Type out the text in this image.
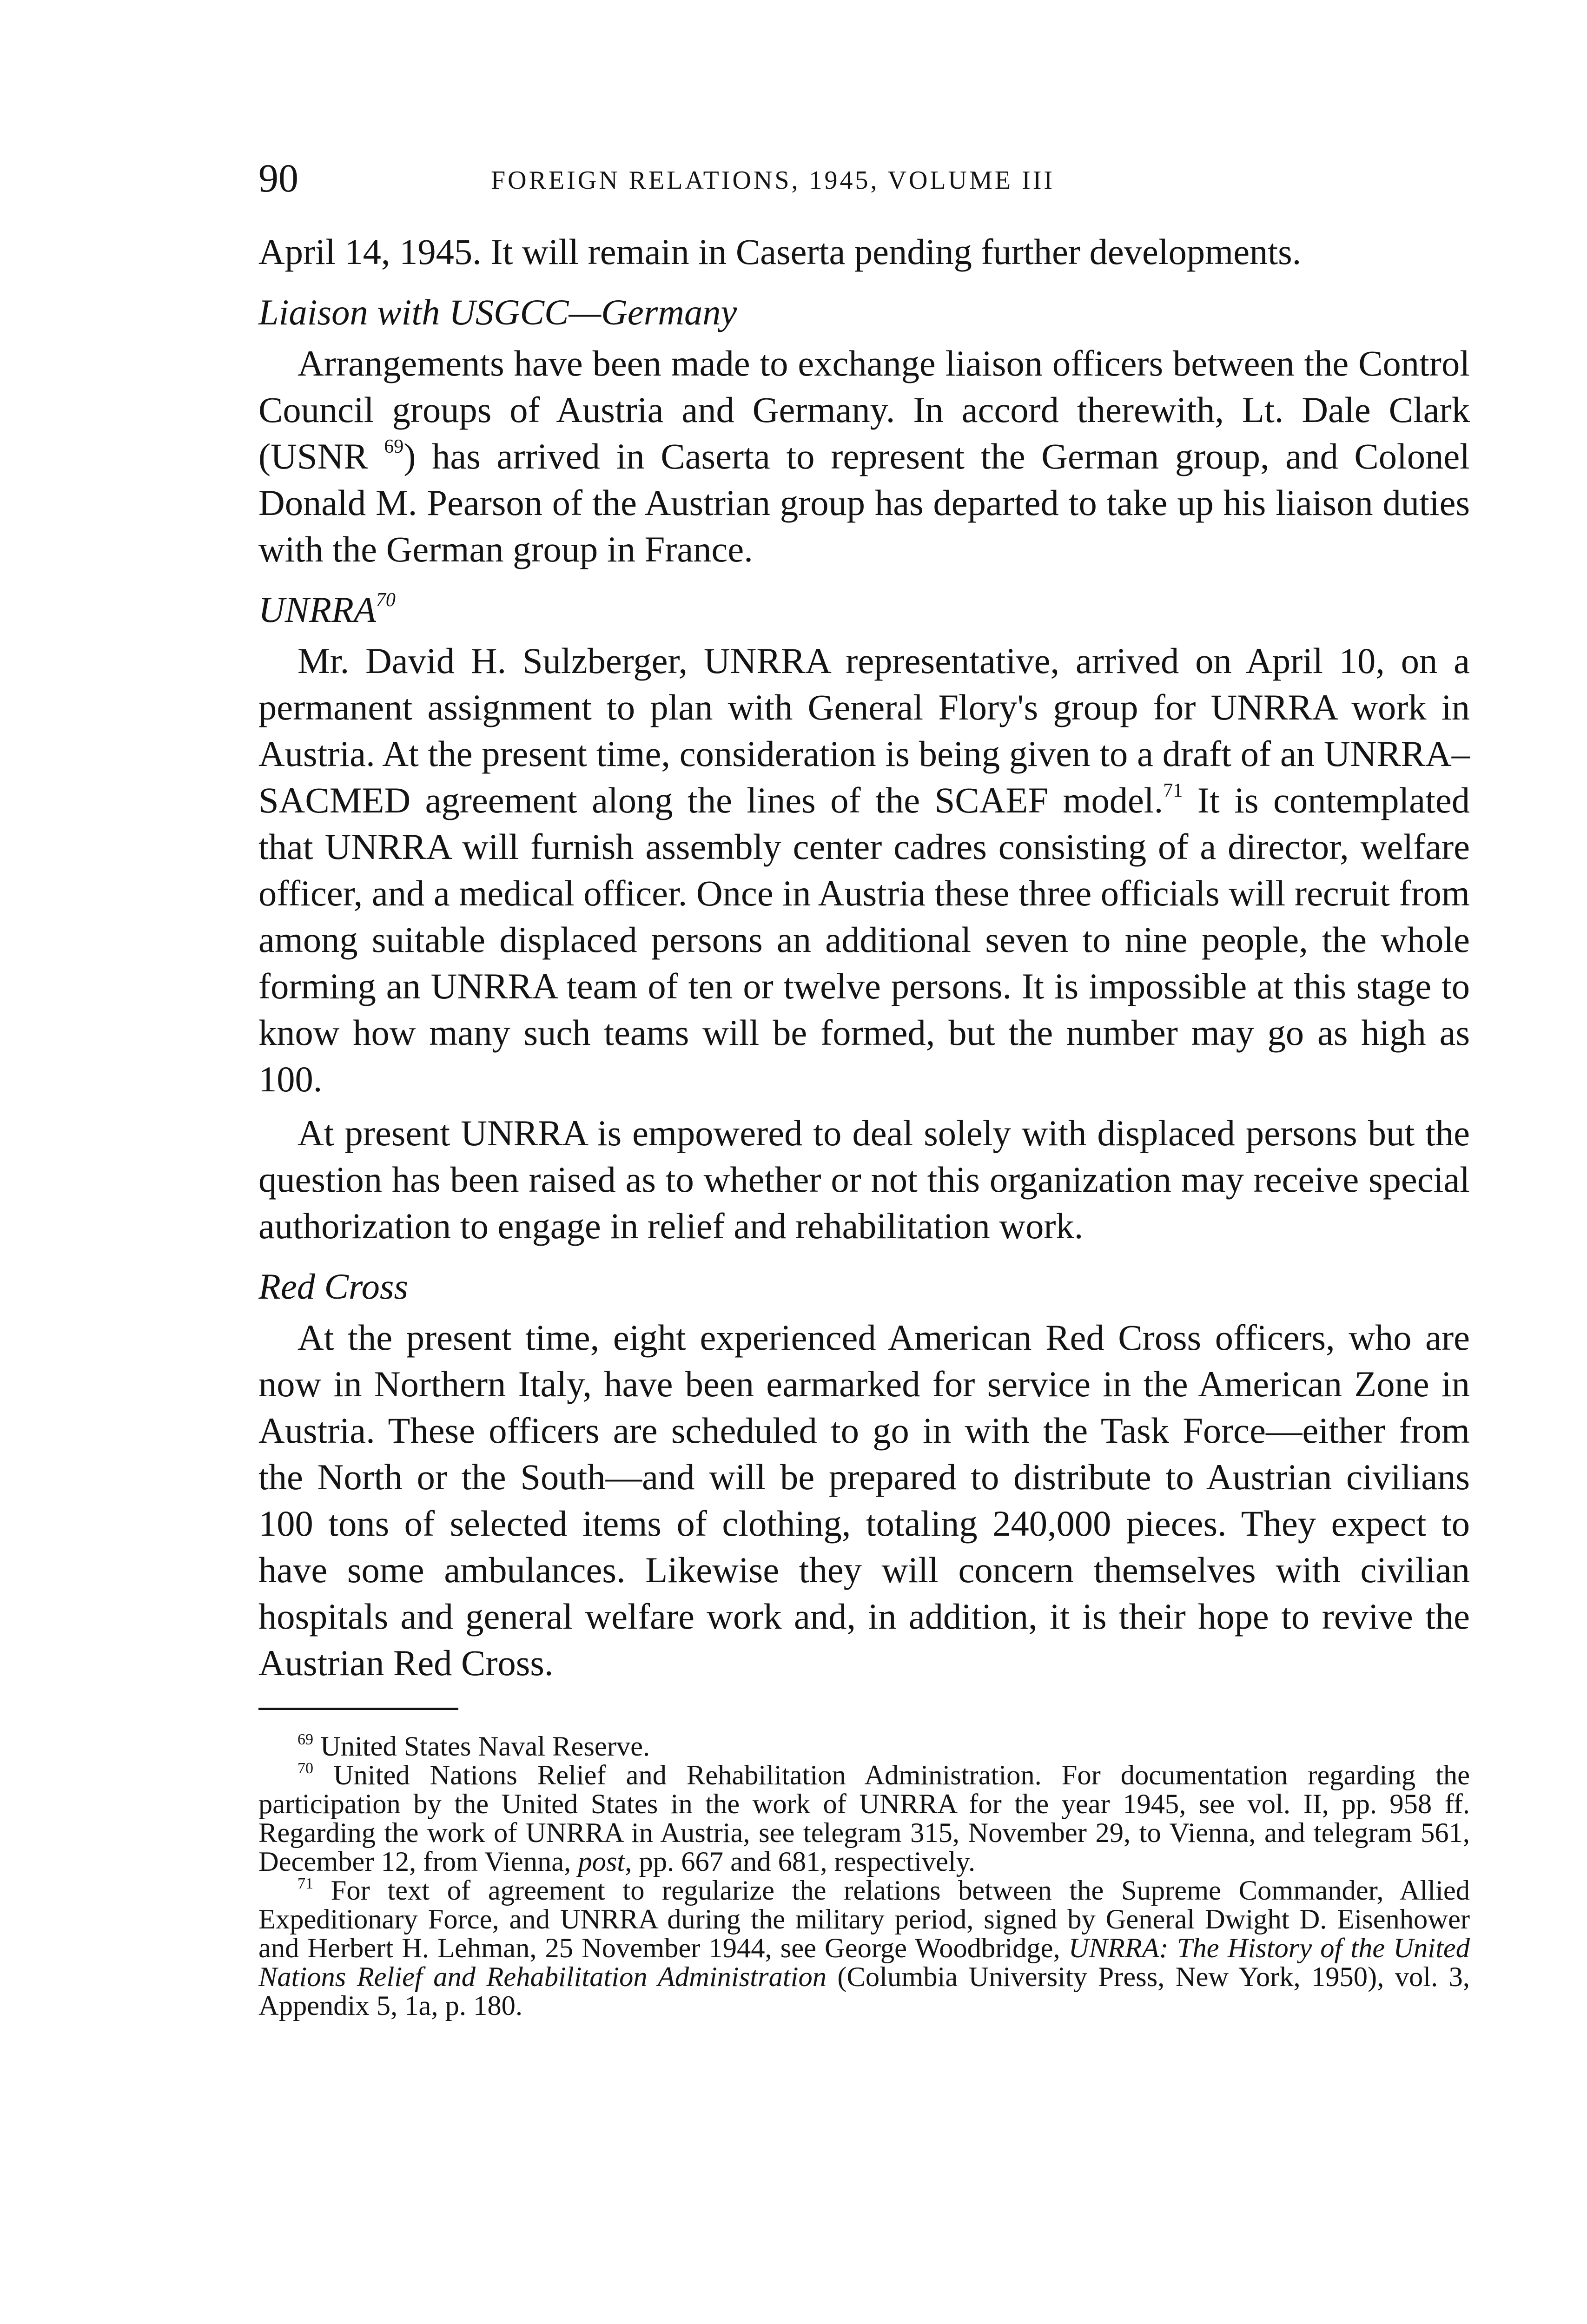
90	FOREIGN RELATIONS, 1945, VOLUME III

April 14, 1945. It will remain in Caserta pending further developments.

Liaison with USGCC—Germany

Arrangements have been made to exchange liaison officers between the Control Council groups of Austria and Germany. In accord therewith, Lt. Dale Clark (USNR $^{69}$) has arrived in Caserta to represent the German group, and Colonel Donald M. Pearson of the Austrian group has departed to take up his liaison duties with the German group in France.

UNRRA$^{70}$

Mr. David H. Sulzberger, UNRRA representative, arrived on April 10, on a permanent assignment to plan with General Flory's group for UNRRA work in Austria. At the present time, consideration is being given to a draft of an UNRRA–SACMED agreement along the lines of the SCAEF model.$^{71}$ It is contemplated that UNRRA will furnish assembly center cadres consisting of a director, welfare officer, and a medical officer. Once in Austria these three officials will recruit from among suitable displaced persons an additional seven to nine people, the whole forming an UNRRA team of ten or twelve persons. It is impossible at this stage to know how many such teams will be formed, but the number may go as high as 100.

At present UNRRA is empowered to deal solely with displaced persons but the question has been raised as to whether or not this organization may receive special authorization to engage in relief and rehabilitation work.

Red Cross

At the present time, eight experienced American Red Cross officers, who are now in Northern Italy, have been earmarked for service in the American Zone in Austria. These officers are scheduled to go in with the Task Force—either from the North or the South—and will be prepared to distribute to Austrian civilians 100 tons of selected items of clothing, totaling 240,000 pieces. They expect to have some ambulances. Likewise they will concern themselves with civilian hospitals and general welfare work and, in addition, it is their hope to revive the Austrian Red Cross.

$^{69}$ United States Naval Reserve.

$^{70}$ United Nations Relief and Rehabilitation Administration. For documentation regarding the participation by the United States in the work of UNRRA for the year 1945, see vol. II, pp. 958 ff. Regarding the work of UNRRA in Austria, see telegram 315, November 29, to Vienna, and telegram 561, December 12, from Vienna, post, pp. 667 and 681, respectively.

$^{71}$ For text of agreement to regularize the relations between the Supreme Commander, Allied Expeditionary Force, and UNRRA during the military period, signed by General Dwight D. Eisenhower and Herbert H. Lehman, 25 November 1944, see George Woodbridge, UNRRA: The History of the United Nations Relief and Rehabilitation Administration (Columbia University Press, New York, 1950), vol. 3, Appendix 5, 1a, p. 180.
